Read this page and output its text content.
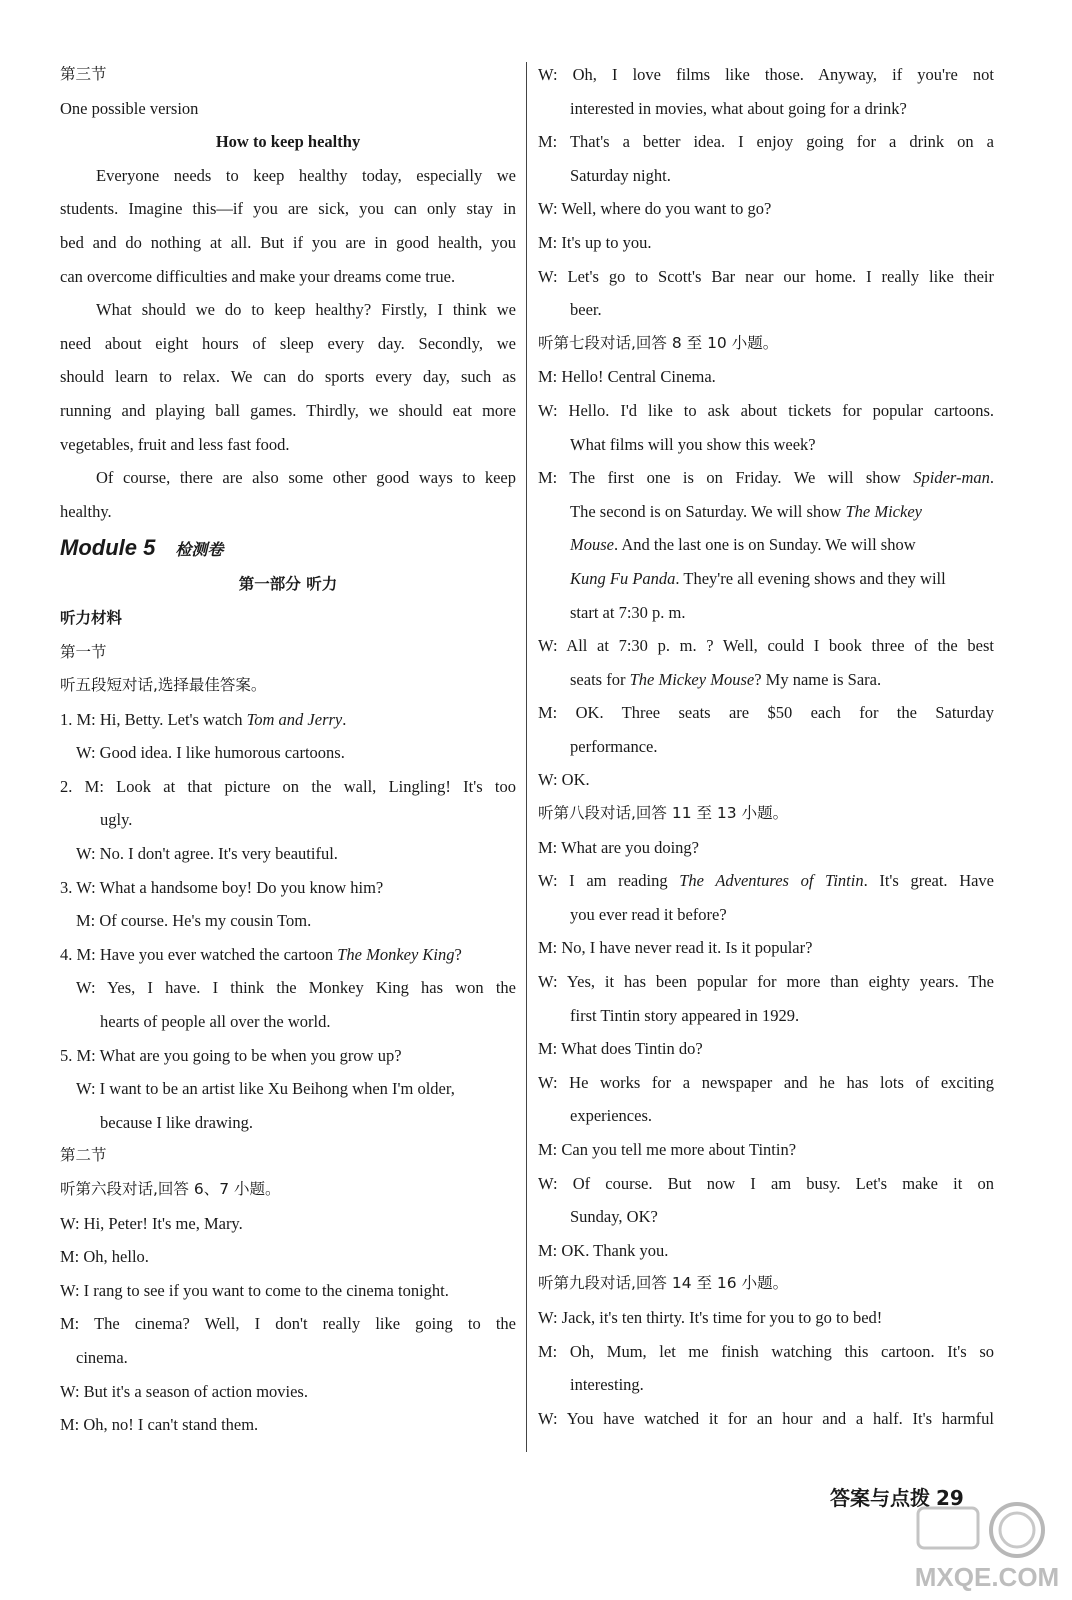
第三节
One possible version
How to keep healthy
Everyone needs to keep healthy today, especially we
students. Imagine this—if you are sick, you can only stay in
bed and do nothing at all. But if you are in good health, you
can overcome difficulties and make your dreams come true.
What should we do to keep healthy? Firstly, I think we
need about eight hours of sleep every day. Secondly, we
should learn to relax. We can do sports every day, such as
running and playing ball games. Thirdly, we should eat more
vegetables, fruit and less fast food.
Of course, there are also some other good ways to keep
healthy.
Module 5 检测卷
第一部分 听力
听力材料
第一节
听五段短对话,选择最佳答案。
1. M: Hi, Betty. Let's watch Tom and Jerry.
W: Good idea. I like humorous cartoons.
2. M: Look at that picture on the wall, Lingling! It's too
ugly.
W: No. I don't agree. It's very beautiful.
3. W: What a handsome boy! Do you know him?
M: Of course. He's my cousin Tom.
4. M: Have you ever watched the cartoon The Monkey King?
W: Yes, I have. I think the Monkey King has won the
hearts of people all over the world.
5. M: What are you going to be when you grow up?
W: I want to be an artist like Xu Beihong when I'm older,
because I like drawing.
第二节
听第六段对话,回答 6、7 小题。
W: Hi, Peter! It's me, Mary.
M: Oh, hello.
W: I rang to see if you want to come to the cinema tonight.
M: The cinema? Well, I don't really like going to the
cinema.
W: But it's a season of action movies.
M: Oh, no! I can't stand them.
W: Oh, I love films like those. Anyway, if you're not
interested in movies, what about going for a drink?
M: That's a better idea. I enjoy going for a drink on a
Saturday night.
W: Well, where do you want to go?
M: It's up to you.
W: Let's go to Scott's Bar near our home. I really like their
beer.
听第七段对话,回答 8 至 10 小题。
M: Hello! Central Cinema.
W: Hello. I'd like to ask about tickets for popular cartoons.
What films will you show this week?
M: The first one is on Friday. We will show Spider-man.
The second is on Saturday. We will show The Mickey
Mouse. And the last one is on Sunday. We will show
Kung Fu Panda. They're all evening shows and they will
start at 7:30 p. m.
W: All at 7:30 p. m. ? Well, could I book three of the best
seats for The Mickey Mouse? My name is Sara.
M: OK. Three seats are $50 each for the Saturday
performance.
W: OK.
听第八段对话,回答 11 至 13 小题。
M: What are you doing?
W: I am reading The Adventures of Tintin. It's great. Have
you ever read it before?
M: No, I have never read it. Is it popular?
W: Yes, it has been popular for more than eighty years. The
first Tintin story appeared in 1929.
M: What does Tintin do?
W: He works for a newspaper and he has lots of exciting
experiences.
M: Can you tell me more about Tintin?
W: Of course. But now I am busy. Let's make it on
Sunday, OK?
M: OK. Thank you.
听第九段对话,回答 14 至 16 小题。
W: Jack, it's ten thirty. It's time for you to go to bed!
M: Oh, Mum, let me finish watching this cartoon. It's so
interesting.
W: You have watched it for an hour and a half. It's harmful
答案与点拨 29
MXQE.COM
